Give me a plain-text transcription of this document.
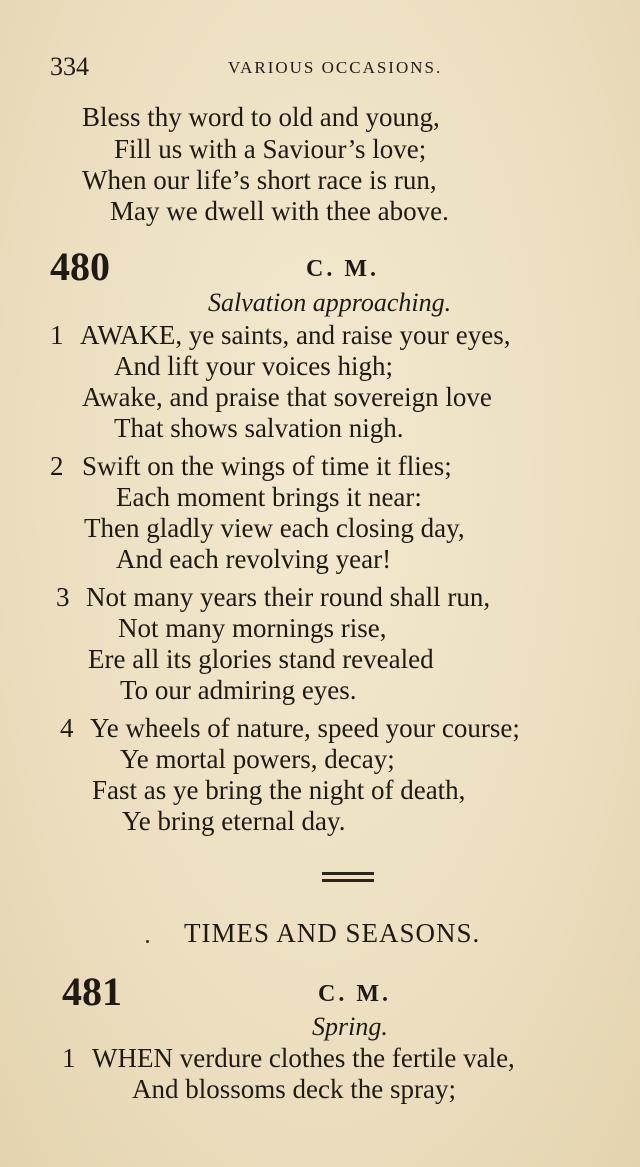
334	VARIOUS OCCASIONS.
Bless thy word to old and young,
Fill us with a Saviour’s love;
When our life’s short race is run,
May we dwell with thee above.
480	C. M.
Salvation approaching.
1 AWAKE, ye saints, and raise your eyes,
And lift your voices high;
Awake, and praise that sovereign love
That shows salvation nigh.
2 Swift on the wings of time it flies;
Each moment brings it near:
Then gladly view each closing day,
And each revolving year!
3 Not many years their round shall run,
Not many mornings rise,
Ere all its glories stand revealed
To our admiring eyes.
4 Ye wheels of nature, speed your course;
Ye mortal powers, decay;
Fast as ye bring the night of death,
Ye bring eternal day.
TIMES AND SEASONS.
481	C. M.
Spring.
1 WHEN verdure clothes the fertile vale,
And blossoms deck the spray;
